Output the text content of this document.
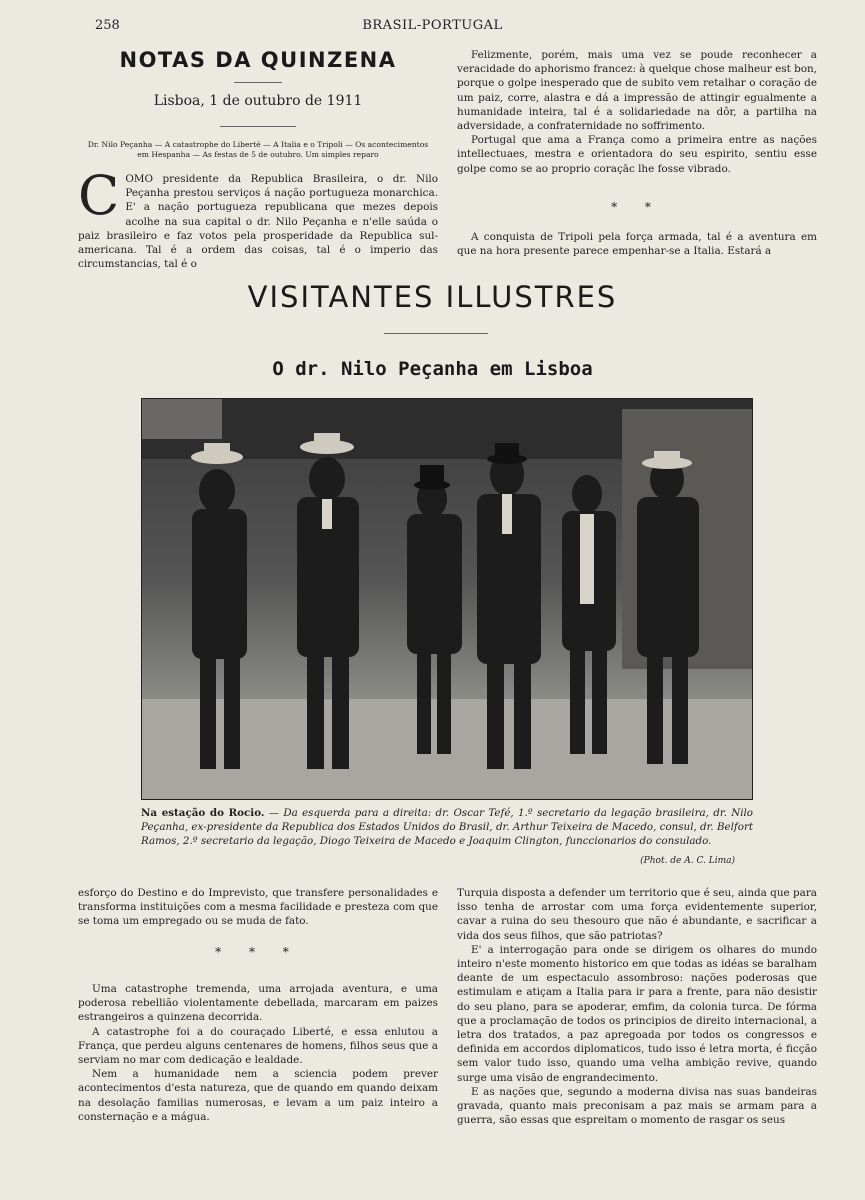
258	BRASIL-PORTUGAL
NOTAS DA QUINZENA
Lisboa, 1 de outubro de 1911
Dr. Nilo Peçanha — A catastrophe do Liberté — A Italia e o Tripoli — Os acontecimentos
em Hespanha — As festas de 5 de outubro. Um simples reparo
C OMO presidente da Republica Brasileira, o dr. Nilo Peçanha prestou serviços á nação portugueza monarchica. E' a nação portugueza republicana que mezes depois acolhe na sua capital o dr. Nilo Peçanha e n'elle saúda o paiz brasileiro e faz votos pela prosperidade da Republica sul-americana. Tal é a ordem das coisas, tal é o imperio das circumstancias, tal é o

Felizmente, porém, mais uma vez se poude reconhecer a veracidade do aphorismo francez: à quelque chose malheur est bon, porque o golpe inesperado que de subito vem retalhar o coração de um paiz, corre, alastra e dá a impressão de attingir egualmente a humanidade inteira, tal é a solidariedade na dôr, a partilha na adversidade, a confraternidade no soffrimento.

Portugal que ama a França como a primeira entre as nações intellectuaes, mestra e orientadora do seu espirito, sentiu esse golpe como se ao proprio coraçāc lhe fosse vibrado.

* *

A conquista de Tripoli pela força armada, tal é a aventura em que na hora presente parece empenhar-se a Italia. Estará a

VISITANTES ILLUSTRES
O dr. Nilo Peçanha em Lisboa
Na estação do Rocio. — Da esquerda para a direita: dr. Oscar Tefé, 1.º secretario da legação brasileira, dr. Nilo Peçanha, ex-presidente da Republica dos Estados Unidos do Brasil, dr. Arthur Teixeira de Macedo, consul, dr. Belfort Ramos, 2.º secretario da legação, Diogo Teixeira de Macedo e Joaquim Clington, funccionarios do consulado.
(Phot. de A. C. Lima)

esforço do Destino e do Imprevisto, que transfere personalidades e transforma instituições com a mesma facilidade e presteza com que se toma um empregado ou se muda de fato.

* * *

Uma catastrophe tremenda, uma arrojada aventura, e uma poderosa rebellião violentamente debellada, marcaram em paizes estrangeiros a quinzena decorrida.

A catastrophe foi a do couraçado Liberté, e essa enlutou a França, que perdeu alguns centenares de homens, filhos seus que a serviam no mar com dedicação e lealdade.

Nem a humanidade nem a sciencia podem prever acontecimentos d'esta natureza, que de quando em quando deixam na desolação familias numerosas, e levam a um paiz inteiro a consternação e a mágua.

Turquia disposta a defender um territorio que é seu, ainda que para isso tenha de arrostar com uma força evidentemente superior, cavar a ruina do seu thesouro que não é abundante, e sacrificar a vida dos seus filhos, que são patriotas?

E' a interrogação para onde se dirigem os olhares do mundo inteiro n'este momento historico em que todas as idéas se baralham deante de um espectaculo assombroso: nações poderosas que estimulam e atiçam a Italia para ir para a frente, para não desistir do seu plano, para se apoderar, emfim, da colonia turca. De fórma que a proclamação de todos os principios de direito internacional, a letra dos tratados, a paz apregoada por todos os congressos e definida em accordos diplomaticos, tudo isso é letra morta, é ficção sem valor tudo isso, quando uma velha ambição revive, quando surge uma visão de engrandecimento.

E as nações que, segundo a moderna divisa nas suas bandeiras gravada, quanto mais preconisam a paz mais se armam para a guerra, são essas que espreitam o momento de rasgar os seus
